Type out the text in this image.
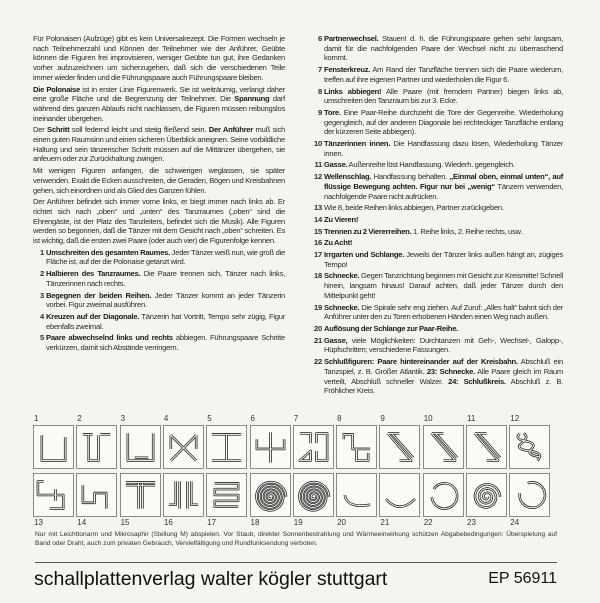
Für Polonaisen (Aufzüge) gibt es kein Universalrezept. Die Formen wechseln je nach Teilnehmerzahl und Können der Teilnehmer wie der Anführer. Geübte können die Figuren frei improvisieren, weniger Geübte tun gut, ihre Gedanken vorher aufzuzeichnen um sicherzugehen, daß sich die verschiedenen Teile immer wieder finden und die Führungspaare auch Führungspaare bleiben.

Die Polonaise ist in erster Linie Figurenwerk. Sie ist weiträumig, verlangt daher eine große Fläche und die Begrenzung der Teilnehmer. Die Spannung darf während des ganzen Ablaufs nicht nachlassen, die Figuren müssen reibungslos ineinander übergehen.

Der Schritt soll federnd leicht und stetig fließend sein. Der Anführer muß sich einen guten Raumsinn und einen sicheren Überblick aneignen. Seine vorbildliche Haltung und sein tänzerischer Schritt müssen auf die Mittänzer übergehen, sie anfeuern oder zur Zurückhaltung zwingen.

Mit wenigen Figuren anfangen, die schwierigen weglassen, sie später verwenden. Exakt die Ecken ausschreiten, die Geraden, Bögen und Kreisbahnen gehen, sich einordnen und als Glied des Ganzen fühlen.

Der Anführer befindet sich immer vorne links, er biegt immer nach links ab. Er richtet sich nach „oben“ und „unten“ des Tanzraumes („oben“ sind die Ehrengäste, ist der Platz des Tanzleiters, befindet sich die Musik). Alle Figuren werden so begonnen, daß die Tänzer mit dem Gesicht nach „oben“ schreiten. Es ist wichtig, daß die ersten zwei Paare (oder auch vier) die Figurenfolge kennen.

1 Umschreiten des gesamten Raumes. Jeder Tänzer weiß nun, wie groß die Fläche ist, auf der die Polonaise getanzt wird.

2 Halbieren des Tanzraumes. Die Paare trennen sich, Tänzer nach links, Tänzerinnen nach rechts.

3 Begegnen der beiden Reihen. Jeder Tänzer kommt an jeder Tänzerin vorbei. Figur zweimal ausführen.

4 Kreuzen auf der Diagonale. Tänzerin hat Vortritt, Tempo sehr zügig, Figur ebenfalls zweimal.

5 Paare abwechselnd links und rechts abbiegen. Führungspaare Schritte verkürzen, damit sich Abstände verringern.

6 Partnerwechsel. Stauen! d. h. die Führungspaare gehen sehr langsam, damit für die nachfolgenden Paare der Wechsel nicht zu überraschend kommt.

7 Fensterkreuz. Am Rand der Tanzfläche trennen sich die Paare wiederum, treffen auf ihre eigenen Partner und wiederholen die Figur 6.

8 Links abbiegen! Alle Paare (mit fremdem Partner) biegen links ab, umschreiten den Tanzraum bis zur 3. Ecke.

9 Tore. Eine Paar-Reihe durchzieht die Tore der Gegenreihe. Wiederholung gegengleich, auf der anderen Diagonale bei rechteckiger Tanzfläche entlang der kürzeren Seite abbiegen).

10 Tänzerinnen innen. Die Handfassung dazu lösen, Wiederholung Tänzer innen.

11 Gasse. Außenreihe löst Handfassung. Wiederh. gegengleich.

12 Wellenschlag. Handfassung behalten. „Einmal oben, einmal unten“, auf flüssige Bewegung achten. Figur nur bei „wenig“ Tänzern verwenden, nachfolgende Paare nicht aufrücken.

13 Wie 8, beide Reihen links abbiegen, Partner zurückgeben.

14 Zu Vieren!

15 Trennen zu 2 Viererreihen. 1. Reihe links, 2. Reihe rechts, usw.

16 Zu Acht!

17 Irrgarten und Schlange. Jeweils der Tänzer links außen hängt an, zügiges Tempo!

18 Schnecke. Gegen Tanzrichtung beginnen mit Gesicht zur Kreismitte! Schnell hinein, langsam hinaus! Darauf achten, daß jeder Tänzer durch den Mittelpunkt geht!

19 Schnecke. Die Spirale sehr eng ziehen. Auf Zuruf: „Alles halt“ bahnt sich der Anführer unter den zu Toren erhobenen Händen einen Weg nach außen.

20 Auflösung der Schlange zur Paar-Reihe.

21 Gasse, viele Möglichkeiten: Durchtanzen mit Geh-, Wechsel-, Galopp-, Hüpfschritten; verschiedene Fassungen.

22 Schlußfiguren: Paare hintereinander auf der Kreisbahn. Abschluß ein Tanzspiel, z. B. Großer Atlantik. 23: Schnecke. Alle Paare gleich im Raum verteilt, Abschluß schneller Walzer. 24: Schlußkreis. Abschluß z. B. Fröhlicher Kreis.

1	2	3	4	5	6	7	8	9	10	11	12
13	14	15	16	17	18	19	20	21	22	23	24
Nur mit Leichttonarm und Mikrosaphir (Stellung M) abspielen. Vor Staub, direkter Sonnenbestrahlung und Wärmeeinwirkung schützen Abgabebedingungen: Überspielung auf Band oder Draht, auch zum privaten Gebrauch, Vervielfältigung und Rundfunksendung verboten.
schallplattenverlag walter kögler stuttgart	EP 56911
